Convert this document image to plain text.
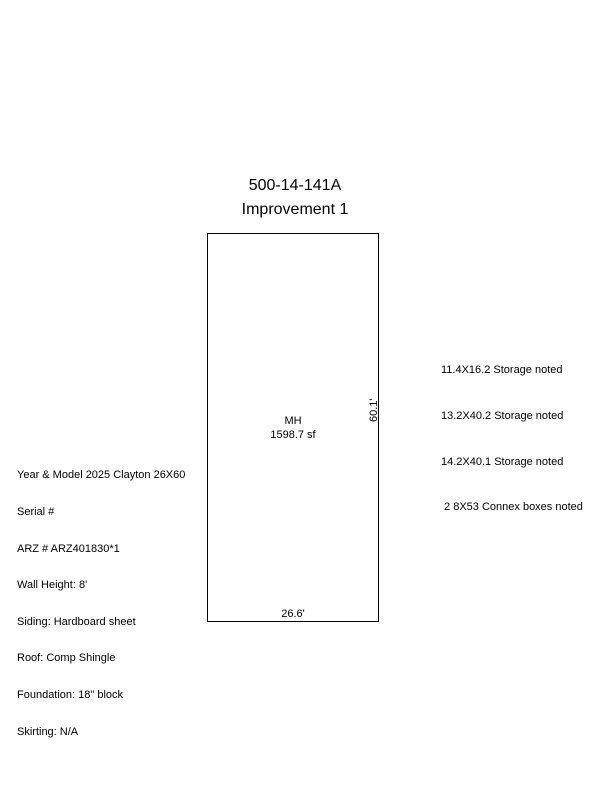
500-14-141A
Improvement 1
MH
1598.7 sf
60.1'
26.6'

11.4X16.2 Storage noted

13.2X40.2 Storage noted

14.2X40.1 Storage noted

2 8X53 Connex boxes noted

Year & Model 2025 Clayton 26X60

Serial #

ARZ # ARZ401830*1

Wall Height: 8'

Siding: Hardboard sheet

Roof: Comp Shingle

Foundation: 18" block

Skirting: N/A
